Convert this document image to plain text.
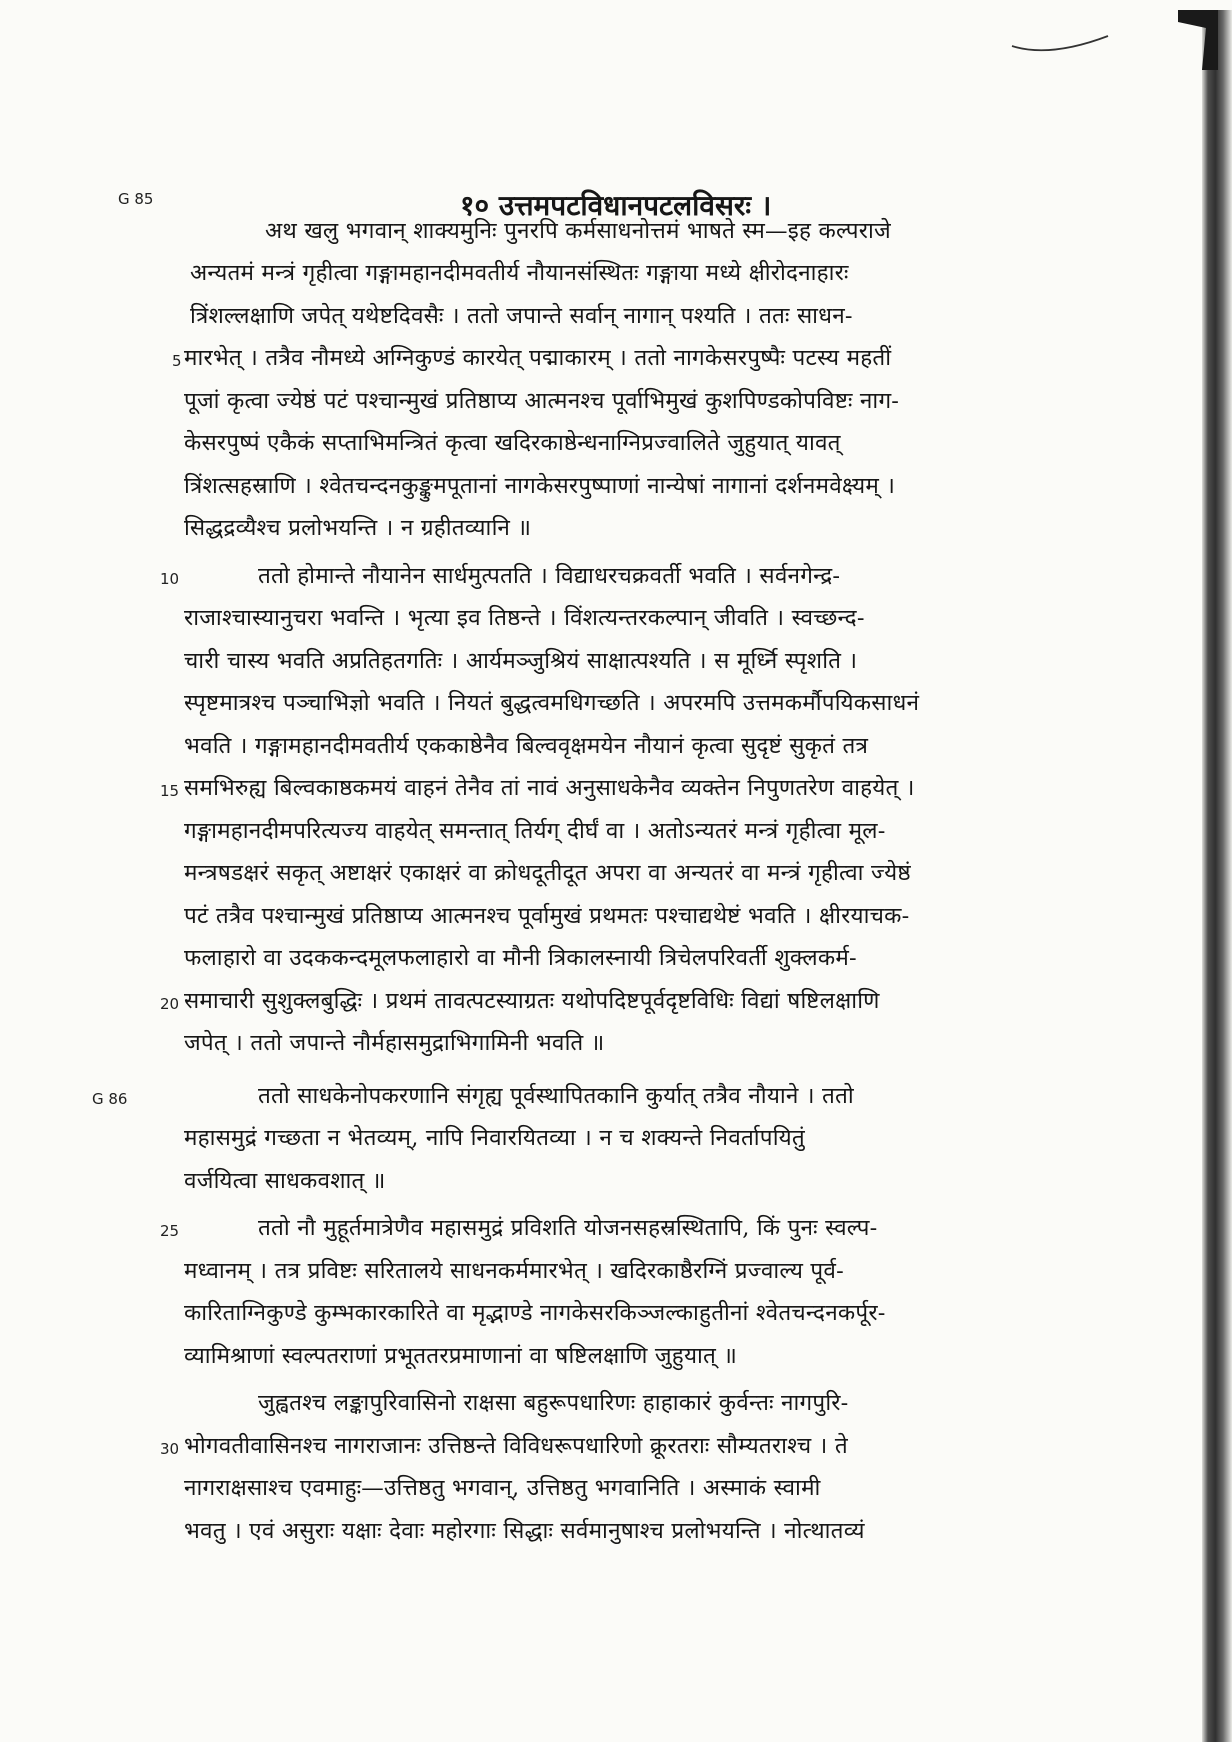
G 85
G 86
१० उत्तमपटविधानपटलविसरः ।
अथ खलु भगवान् शाक्यमुनिः पुनरपि कर्मसाधनोत्तमं भाषते स्म—इह कल्पराजे
अन्यतमं मन्त्रं गृहीत्वा गङ्गामहानदीमवतीर्य नौयानसंस्थितः गङ्गाया मध्ये क्षीरोदनाहारः
त्रिंशल्लक्षाणि जपेत् यथेष्टदिवसैः । ततो जपान्ते सर्वान् नागान् पश्यति । ततः साधन-
मारभेत् । तत्रैव नौमध्ये अग्निकुण्डं कारयेत् पद्माकारम् । ततो नागकेसरपुष्पैः पटस्य महतीं
पूजां कृत्वा ज्येष्ठं पटं पश्चान्मुखं प्रतिष्ठाप्य आत्मनश्च पूर्वाभिमुखं कुशपिण्डकोपविष्टः नाग-
केसरपुष्पं एकैकं सप्ताभिमन्त्रितं कृत्वा खदिरकाष्ठेन्धनाग्निप्रज्वालिते जुहुयात् यावत्
त्रिंशत्सहस्राणि । श्वेतचन्दनकुङ्कुमपूतानां नागकेसरपुष्पाणां नान्येषां नागानां दर्शनमवेक्ष्यम् ।
सिद्धद्रव्यैश्च प्रलोभयन्ति । न ग्रहीतव्यानि ॥
ततो होमान्ते नौयानेन सार्धमुत्पतति । विद्याधरचक्रवर्ती भवति । सर्वनगेन्द्र-
राजाश्चास्यानुचरा भवन्ति । भृत्या इव तिष्ठन्ते । विंशत्यन्तरकल्पान् जीवति । स्वच्छन्द-
चारी चास्य भवति अप्रतिहतगतिः । आर्यमञ्जुश्रियं साक्षात्पश्यति । स मूर्ध्नि स्पृशति ।
स्पृष्टमात्रश्च पञ्चाभिज्ञो भवति । नियतं बुद्धत्वमधिगच्छति । अपरमपि उत्तमकर्मौपयिकसाधनं
भवति । गङ्गामहानदीमवतीर्य एककाष्ठेनैव बिल्ववृक्षमयेन नौयानं कृत्वा सुदृष्टं सुकृतं तत्र
समभिरुह्य बिल्वकाष्ठकमयं वाहनं तेनैव तां नावं अनुसाधकेनैव व्यक्तेन निपुणतरेण वाहयेत् ।
गङ्गामहानदीमपरित्यज्य वाहयेत् समन्तात् तिर्यग् दीर्घं वा । अतोऽन्यतरं मन्त्रं गृहीत्वा मूल-
मन्त्रषडक्षरं सकृत् अष्टाक्षरं एकाक्षरं वा क्रोधदूतीदूत अपरा वा अन्यतरं वा मन्त्रं गृहीत्वा ज्येष्ठं
पटं तत्रैव पश्चान्मुखं प्रतिष्ठाप्य आत्मनश्च पूर्वामुखं प्रथमतः पश्चाद्यथेष्टं भवति । क्षीरयाचक-
फलाहारो वा उदककन्दमूलफलाहारो वा मौनी त्रिकालस्नायी त्रिचेलपरिवर्ती शुक्लकर्म-
समाचारी सुशुक्लबुद्धिः । प्रथमं तावत्पटस्याग्रतः यथोपदिष्टपूर्वदृष्टविधिः विद्यां षष्टिलक्षाणि
जपेत् । ततो जपान्ते नौर्महासमुद्राभिगामिनी भवति ॥
ततो साधकेनोपकरणानि संगृह्य पूर्वस्थापितकानि कुर्यात् तत्रैव नौयाने । ततो
महासमुद्रं गच्छता न भेतव्यम्, नापि निवारयितव्या । न च शक्यन्ते निवर्तापयितुं
वर्जयित्वा साधकवशात् ॥
ततो नौ मुहूर्तमात्रेणैव महासमुद्रं प्रविशति योजनसहस्रस्थितापि, किं पुनः स्वल्प-
मध्वानम् । तत्र प्रविष्टः सरितालये साधनकर्ममारभेत् । खदिरकाष्ठैरग्निं प्रज्वाल्य पूर्व-
कारिताग्निकुण्डे कुम्भकारकारिते वा मृद्भाण्डे नागकेसरकिञ्जल्काहुतीनां श्वेतचन्दनकर्पूर-
व्यामिश्राणां स्वल्पतराणां प्रभूततरप्रमाणानां वा षष्टिलक्षाणि जुहुयात् ॥
जुह्वतश्च लङ्कापुरिवासिनो राक्षसा बहुरूपधारिणः हाहाकारं कुर्वन्तः नागपुरि-
भोगवतीवासिनश्च नागराजानः उत्तिष्ठन्ते विविधरूपधारिणो क्रूरतराः सौम्यतराश्च । ते
नागराक्षसाश्च एवमाहुः—उत्तिष्ठतु भगवान्, उत्तिष्ठतु भगवानिति । अस्माकं स्वामी
भवतु । एवं असुराः यक्षाः देवाः महोरगाः सिद्धाः सर्वमानुषाश्च प्रलोभयन्ति । नोत्थातव्यं
5
10
15
20
25
30
